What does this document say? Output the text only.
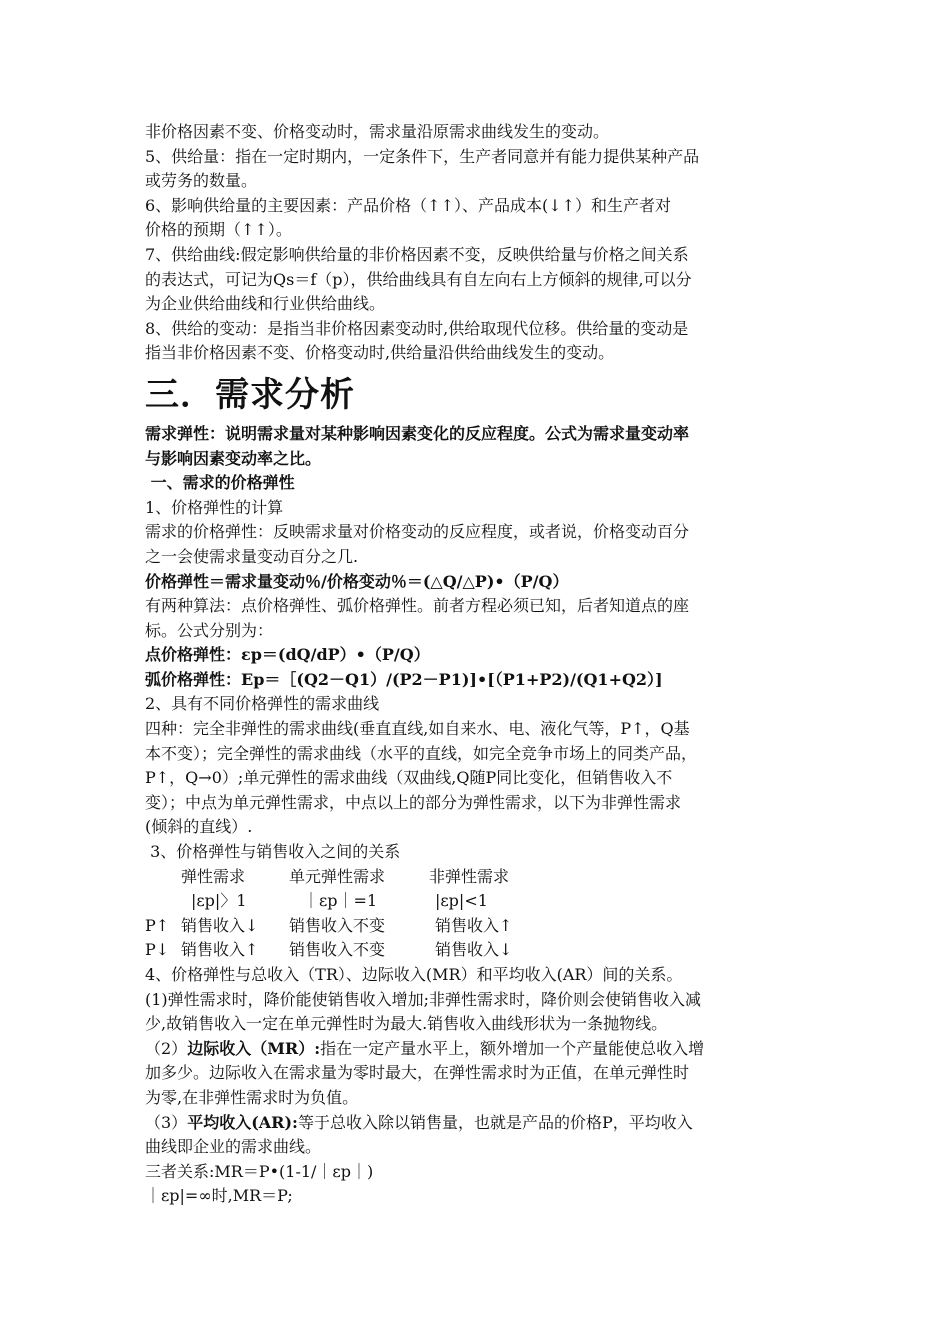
非价格因素不变、价格变动时，需求量沿原需求曲线发生的变动。

5、供给量：指在一定时期内，一定条件下，生产者同意并有能力提供某种产品

或劳务的数量。

6、影响供给量的主要因素：产品价格（↑↑）、产品成本(↓↑）和生产者对

价格的预期（↑↑）。

7、供给曲线:假定影响供给量的非价格因素不变，反映供给量与价格之间关系

的表达式，可记为Qs＝f（p），供给曲线具有自左向右上方倾斜的规律,可以分

为企业供给曲线和行业供给曲线。

8、供给的变动：是指当非价格因素变动时,供给取现代位移。供给量的变动是

指当非价格因素不变、价格变动时,供给量沿供给曲线发生的变动。

三．需求分析

需求弹性：说明需求量对某种影响因素变化的反应程度。公式为需求量变动率

与影响因素变动率之比。

一、需求的价格弹性

1、价格弹性的计算

需求的价格弹性：反映需求量对价格变动的反应程度，或者说，价格变动百分

之一会使需求量变动百分之几.

价格弹性＝需求量变动％/价格变动％＝(△Q/△P)•（P/Q）

有两种算法：点价格弹性、弧价格弹性。前者方程必须已知，后者知道点的座

标。公式分别为：

点价格弹性：εp＝(dQ/dP）•（P/Q）

弧价格弹性：Ep＝［(Q2－Q1）/(P2－P1)]•[（P1+P2)/(Q1+Q2）]

2、具有不同价格弹性的需求曲线

四种：完全非弹性的需求曲线(垂直直线,如自来水、电、液化气等，P↑，Q基

本不变）；完全弹性的需求曲线（水平的直线，如完全竞争市场上的同类产品，

P↑，Q→0）;单元弹性的需求曲线（双曲线,Q随P同比变化，但销售收入不

变）；中点为单元弹性需求，中点以上的部分为弹性需求，以下为非弹性需求

(倾斜的直线）.

3、价格弹性与销售收入之间的关系

	弹性需求	单元弹性需求	非弹性需求
	|εp|〉1	｜εp｜=1	|εp|<1
P↑	销售收入↓	销售收入不变	销售收入↑
P↓	销售收入↑	销售收入不变	销售收入↓

4、价格弹性与总收入（TR）、边际收入(MR）和平均收入(AR）间的关系。

(1)弹性需求时，降价能使销售收入增加;非弹性需求时，降价则会使销售收入减

少,故销售收入一定在单元弹性时为最大.销售收入曲线形状为一条抛物线。

（2）边际收入（MR）:指在一定产量水平上，额外增加一个产量能使总收入增

加多少。边际收入在需求量为零时最大，在弹性需求时为正值，在单元弹性时

为零,在非弹性需求时为负值。

（3）平均收入(AR):等于总收入除以销售量，也就是产品的价格P，平均收入

曲线即企业的需求曲线。

三者关系:MR＝P•(1-1/｜εp｜)

｜εp|=∞时,MR＝P;
